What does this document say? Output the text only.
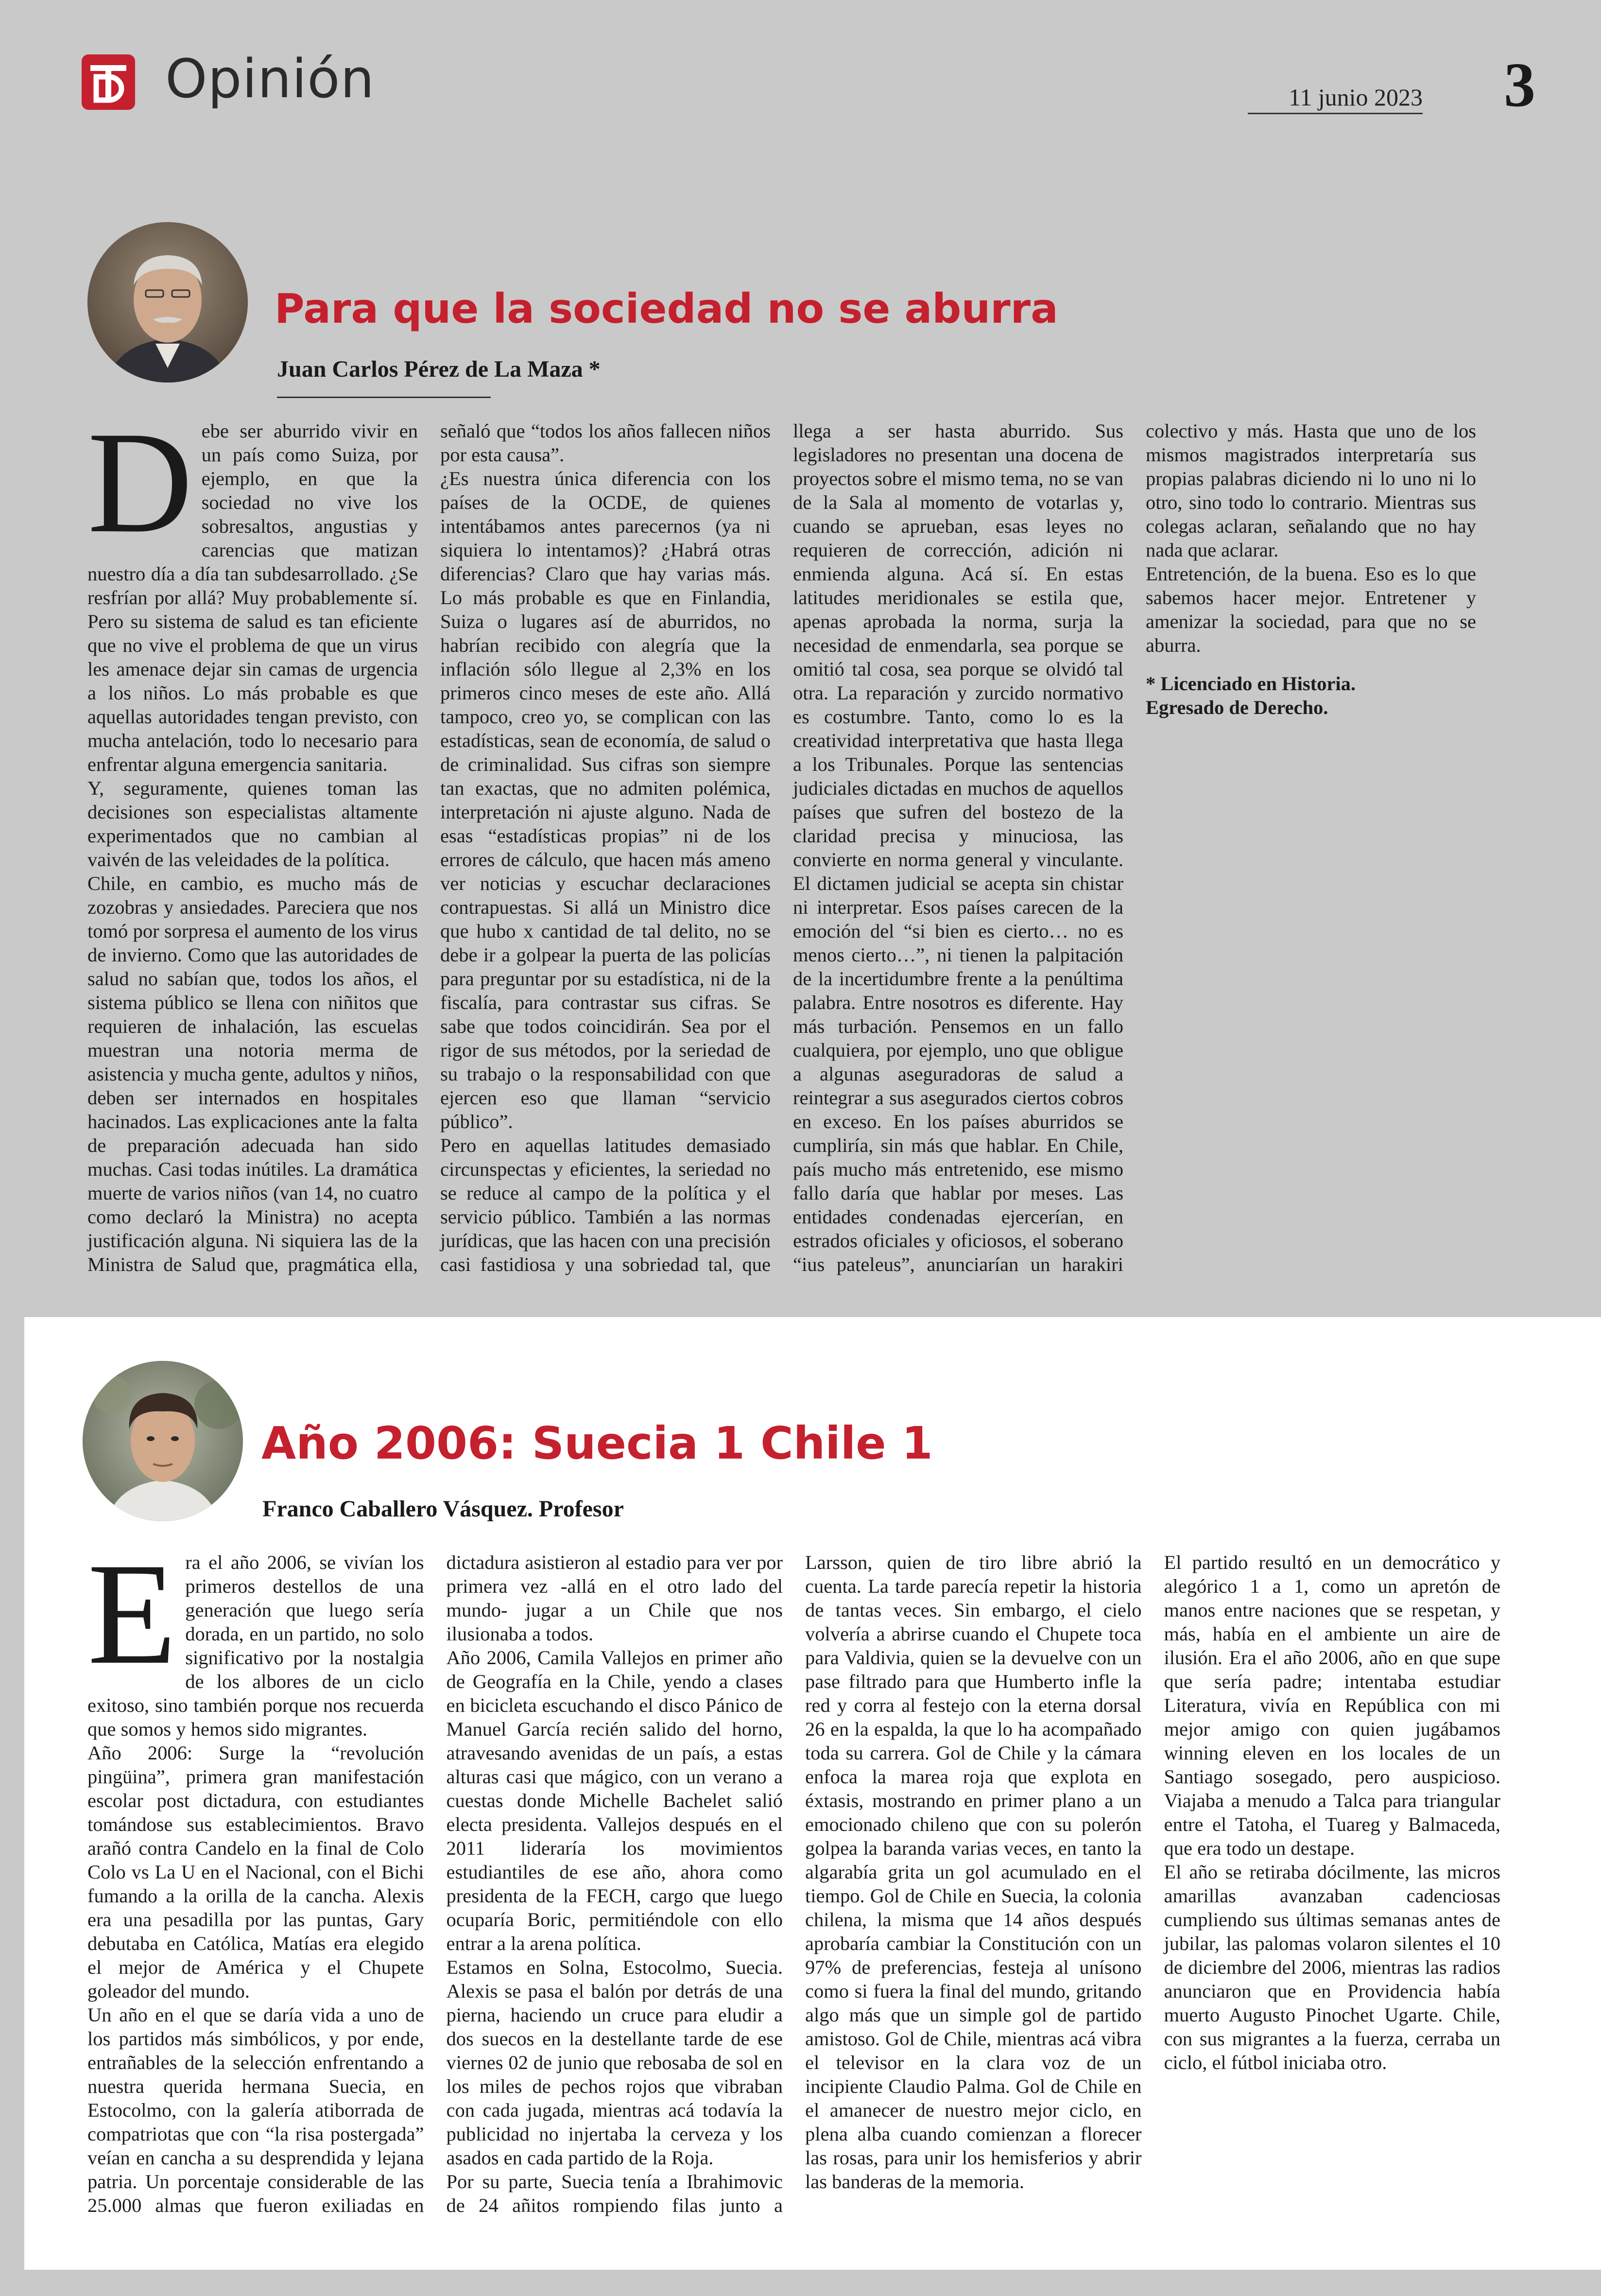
Opinión	11 junio 2023	3
Para que la sociedad no se aburra
Juan Carlos Pérez de La Maza *

Debe ser aburrido vivir en un país como Suiza, por ejemplo, en que la sociedad no vive los sobresaltos, angustias y carencias que matizan nuestro día a día tan subdesarrollado. ¿Se resfrían por allá? Muy probablemente sí. Pero su sistema de salud es tan eficiente que no vive el problema de que un virus les amenace dejar sin camas de urgencia a los niños. Lo más probable es que aquellas autoridades tengan previsto, con mucha antelación, todo lo necesario para enfrentar alguna emergencia sanitaria.

Y, seguramente, quienes toman las decisiones son especialistas altamente experimentados que no cambian al vaivén de las veleidades de la política.

Chile, en cambio, es mucho más de zozobras y ansiedades. Pareciera que nos tomó por sorpresa el aumento de los virus de invierno. Como que las autoridades de salud no sabían que, todos los años, el sistema público se llena con niñitos que requieren de inhalación, las escuelas muestran una notoria merma de asistencia y mucha gente, adultos y niños, deben ser internados en hospitales hacinados. Las explicaciones ante la falta de preparación adecuada han sido muchas. Casi todas inútiles. La dramática muerte de varios niños (van 14, no cuatro como declaró la Ministra) no acepta justificación alguna. Ni siquiera las de la Ministra de Salud que, pragmática ella, señaló que “todos los años fallecen niños por esta causa”.

¿Es nuestra única diferencia con los países de la OCDE, de quienes intentábamos antes parecernos (ya ni siquiera lo intentamos)? ¿Habrá otras diferencias? Claro que hay varias más. Lo más probable es que en Finlandia, Suiza o lugares así de aburridos, no habrían recibido con alegría que la inflación sólo llegue al 2,3% en los primeros cinco meses de este año. Allá tampoco, creo yo, se complican con las estadísticas, sean de economía, de salud o de criminalidad. Sus cifras son siempre tan exactas, que no admiten polémica, interpretación ni ajuste alguno. Nada de esas “estadísticas propias” ni de los errores de cálculo, que hacen más ameno ver noticias y escuchar declaraciones contrapuestas. Si allá un Ministro dice que hubo x cantidad de tal delito, no se debe ir a golpear la puerta de las policías para preguntar por su estadística, ni de la fiscalía, para contrastar sus cifras. Se sabe que todos coincidirán. Sea por el rigor de sus métodos, por la seriedad de su trabajo o la responsabilidad con que ejercen eso que llaman “servicio público”.

Pero en aquellas latitudes demasiado circunspectas y eficientes, la seriedad no se reduce al campo de la política y el servicio público. También a las normas jurídicas, que las hacen con una precisión casi fastidiosa y una sobriedad tal, que llega a ser hasta aburrido. Sus legisladores no presentan una docena de proyectos sobre el mismo tema, no se van de la Sala al momento de votarlas y, cuando se aprueban, esas leyes no requieren de corrección, adición ni enmienda alguna. Acá sí. En estas latitudes meridionales se estila que, apenas aprobada la norma, surja la necesidad de enmendarla, sea porque se omitió tal cosa, sea porque se olvidó tal otra. La reparación y zurcido normativo es costumbre. Tanto, como lo es la creatividad interpretativa que hasta llega a los Tribunales. Porque las sentencias judiciales dictadas en muchos de aquellos países que sufren del bostezo de la claridad precisa y minuciosa, las convierte en norma general y vinculante. El dictamen judicial se acepta sin chistar ni interpretar. Esos países carecen de la emoción del “si bien es cierto… no es menos cierto…”, ni tienen la palpitación de la incertidumbre frente a la penúltima palabra. Entre nosotros es diferente. Hay más turbación. Pensemos en un fallo cualquiera, por ejemplo, uno que obligue a algunas aseguradoras de salud a reintegrar a sus asegurados ciertos cobros en exceso. En los países aburridos se cumpliría, sin más que hablar. En Chile, país mucho más entretenido, ese mismo fallo daría que hablar por meses. Las entidades condenadas ejercerían, en estrados oficiales y oficiosos, el soberano “ius pateleus”, anunciarían un harakiri colectivo y más. Hasta que uno de los mismos magistrados interpretaría sus propias palabras diciendo ni lo uno ni lo otro, sino todo lo contrario. Mientras sus colegas aclaran, señalando que no hay nada que aclarar.

Entretención, de la buena. Eso es lo que sabemos hacer mejor. Entretener y amenizar la sociedad, para que no se aburra.

* Licenciado en Historia.
Egresado de Derecho.

Año 2006: Suecia 1 Chile 1
Franco Caballero Vásquez. Profesor

Era el año 2006, se vivían los primeros destellos de una generación que luego sería dorada, en un partido, no solo significativo por la nostalgia de los albores de un ciclo exitoso, sino también porque nos recuerda que somos y hemos sido migrantes.

Año 2006: Surge la “revolución pingüina”, primera gran manifestación escolar post dictadura, con estudiantes tomándose sus establecimientos. Bravo arañó contra Candelo en la final de Colo Colo vs La U en el Nacional, con el Bichi fumando a la orilla de la cancha. Alexis era una pesadilla por las puntas, Gary debutaba en Católica, Matías era elegido el mejor de América y el Chupete goleador del mundo.

Un año en el que se daría vida a uno de los partidos más simbólicos, y por ende, entrañables de la selección enfrentando a nuestra querida hermana Suecia, en Estocolmo, con la galería atiborrada de compatriotas que con “la risa postergada” veían en cancha a su desprendida y lejana patria. Un porcentaje considerable de las 25.000 almas que fueron exiliadas en dictadura asistieron al estadio para ver por primera vez -allá en el otro lado del mundo- jugar a un Chile que nos ilusionaba a todos.

Año 2006, Camila Vallejos en primer año de Geografía en la Chile, yendo a clases en bicicleta escuchando el disco Pánico de Manuel García recién salido del horno, atravesando avenidas de un país, a estas alturas casi que mágico, con un verano a cuestas donde Michelle Bachelet salió electa presidenta. Vallejos después en el 2011 lideraría los movimientos estudiantiles de ese año, ahora como presidenta de la FECH, cargo que luego ocuparía Boric, permitiéndole con ello entrar a la arena política.

Estamos en Solna, Estocolmo, Suecia. Alexis se pasa el balón por detrás de una pierna, haciendo un cruce para eludir a dos suecos en la destellante tarde de ese viernes 02 de junio que rebosaba de sol en los miles de pechos rojos que vibraban con cada jugada, mientras acá todavía la publicidad no injertaba la cerveza y los asados en cada partido de la Roja.

Por su parte, Suecia tenía a Ibrahimovic de 24 añitos rompiendo filas junto a Larsson, quien de tiro libre abrió la cuenta. La tarde parecía repetir la historia de tantas veces. Sin embargo, el cielo volvería a abrirse cuando el Chupete toca para Valdivia, quien se la devuelve con un pase filtrado para que Humberto infle la red y corra al festejo con la eterna dorsal 26 en la espalda, la que lo ha acompañado toda su carrera. Gol de Chile y la cámara enfoca la marea roja que explota en éxtasis, mostrando en primer plano a un emocionado chileno que con su polerón golpea la baranda varias veces, en tanto la algarabía grita un gol acumulado en el tiempo. Gol de Chile en Suecia, la colonia chilena, la misma que 14 años después aprobaría cambiar la Constitución con un 97% de preferencias, festeja al unísono como si fuera la final del mundo, gritando algo más que un simple gol de partido amistoso. Gol de Chile, mientras acá vibra el televisor en la clara voz de un incipiente Claudio Palma. Gol de Chile en el amanecer de nuestro mejor ciclo, en plena alba cuando comienzan a florecer las rosas, para unir los hemisferios y abrir las banderas de la memoria.

El partido resultó en un democrático y alegórico 1 a 1, como un apretón de manos entre naciones que se respetan, y más, había en el ambiente un aire de ilusión. Era el año 2006, año en que supe que sería padre; intentaba estudiar Literatura, vivía en República con mi mejor amigo con quien jugábamos winning eleven en los locales de un Santiago sosegado, pero auspicioso. Viajaba a menudo a Talca para triangular entre el Tatoha, el Tuareg y Balmaceda, que era todo un destape.

El año se retiraba dócilmente, las micros amarillas avanzaban cadenciosas cumpliendo sus últimas semanas antes de jubilar, las palomas volaron silentes el 10 de diciembre del 2006, mientras las radios anunciaron que en Providencia había muerto Augusto Pinochet Ugarte. Chile, con sus migrantes a la fuerza, cerraba un ciclo, el fútbol iniciaba otro.
